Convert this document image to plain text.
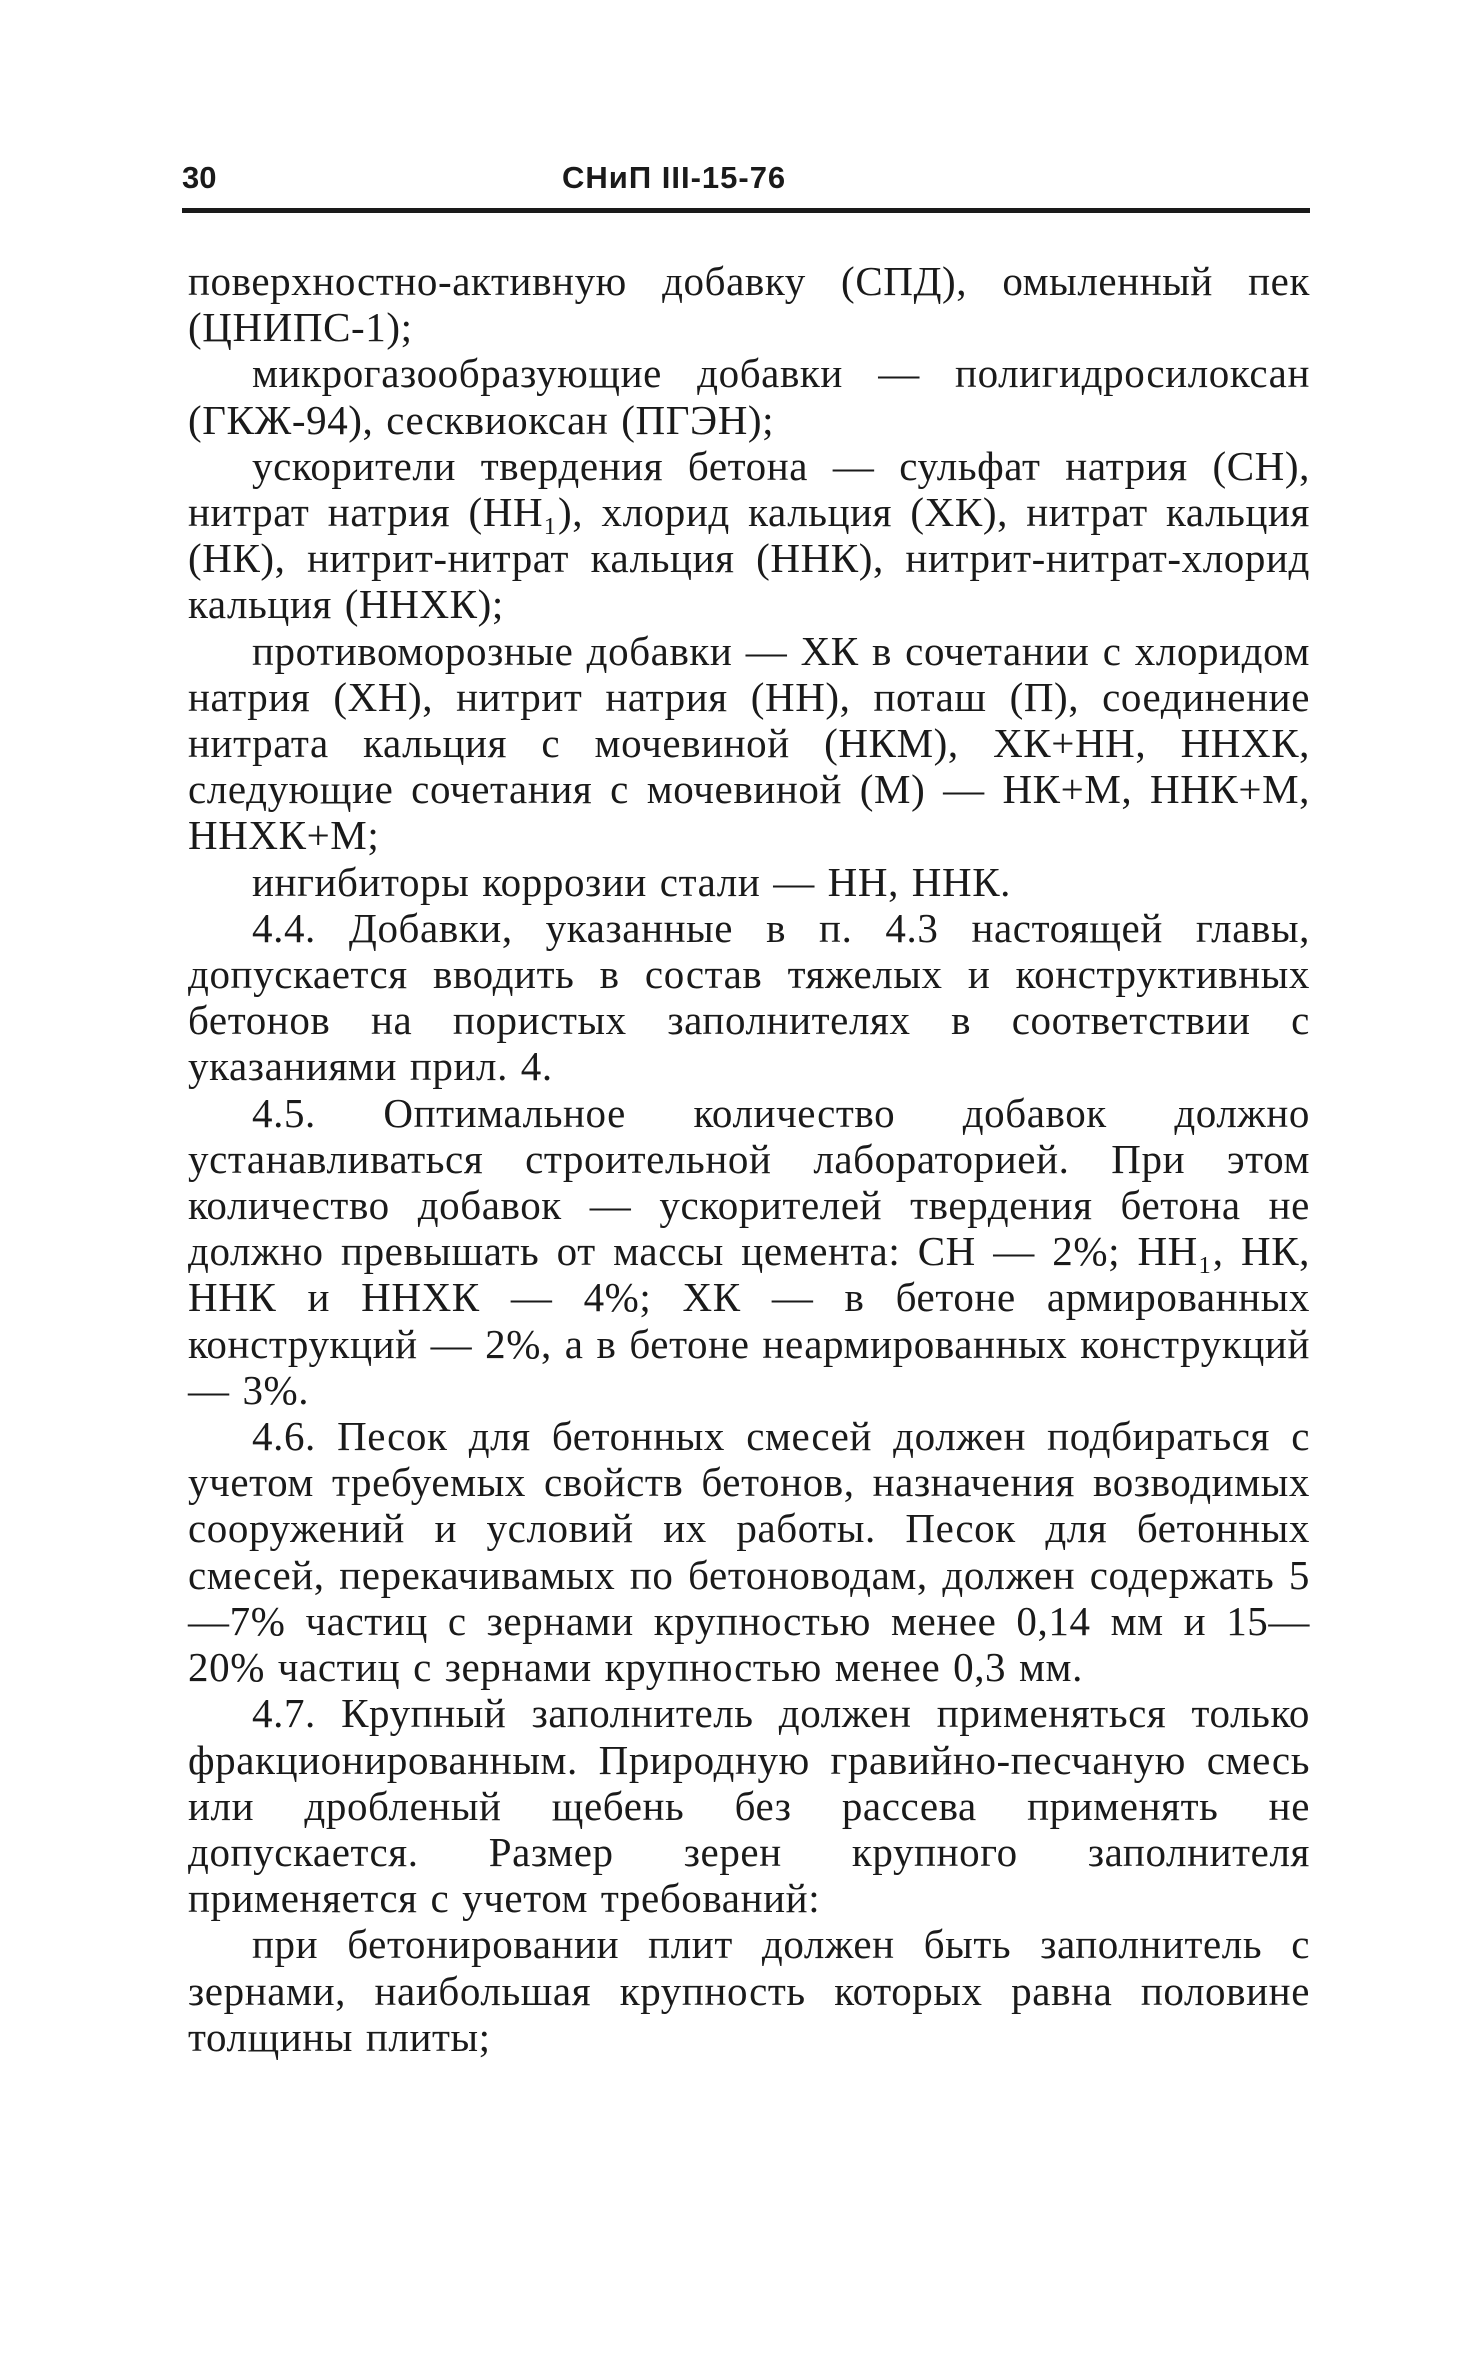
30	СНиП III-15-76

поверхностно-активную добавку (СПД), омыленный пек (ЦНИПС-1);

микрогазообразующие добавки — полигидросилоксан (ГКЖ-94), сесквиоксан (ПГЭН);

ускорители твердения бетона — сульфат натрия (СН), нитрат натрия (НН₁), хлорид кальция (ХК), нитрат кальция (НК), нитрит-нитрат кальция (ННК), нитрит-нитрат-хлорид кальция (ННХК);

противоморозные добавки — ХК в сочетании с хлоридом натрия (ХН), нитрит натрия (НН), поташ (П), соединение нитрата кальция с мочевиной (НКМ), ХК+НН, ННХК, следующие сочетания с мочевиной (М) — НК+М, ННК+М, ННХК+М;

ингибиторы коррозии стали — НН, ННК.

4.4. Добавки, указанные в п. 4.3 настоящей главы, допускается вводить в состав тяжелых и конструктивных бетонов на пористых заполнителях в соответствии с указаниями прил. 4.

4.5. Оптимальное количество добавок должно устанавливаться строительной лабораторией. При этом количество добавок — ускорителей твердения бетона не должно превышать от массы цемента: СН — 2%; НН₁, НК, ННК и ННХК — 4%; ХК — в бетоне армированных конструкций — 2%, а в бетоне неармированных конструкций — 3%.

4.6. Песок для бетонных смесей должен подбираться с учетом требуемых свойств бетонов, назначения возводимых сооружений и условий их работы. Песок для бетонных смесей, перекачивамых по бетоноводам, должен содержать 5—7% частиц с зернами крупностью менее 0,14 мм и 15—20% частиц с зернами крупностью менее 0,3 мм.

4.7. Крупный заполнитель должен применяться только фракционированным. Природную гравийно-песчаную смесь или дробленый щебень без рассева применять не допускается. Размер зерен крупного заполнителя применяется с учетом требований:

при бетонировании плит должен быть заполнитель с зернами, наибольшая крупность которых равна половине толщины плиты;
